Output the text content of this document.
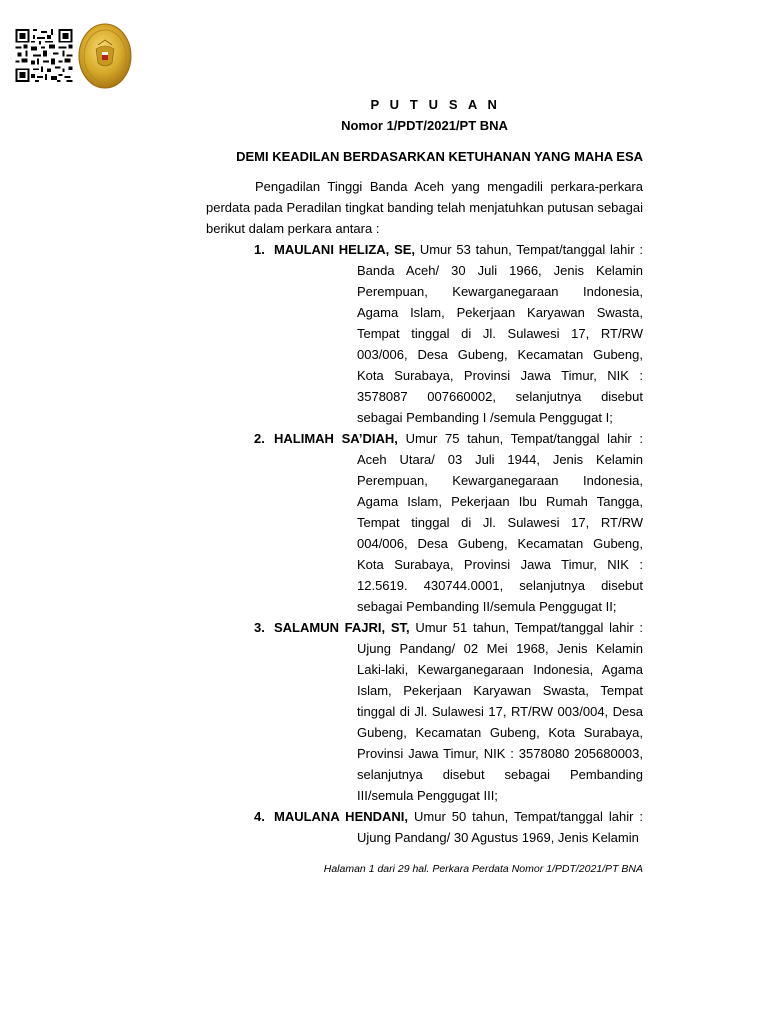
P U T U S A N
Nomor 1/PDT/2021/PT BNA
DEMI KEADILAN BERDASARKAN KETUHANAN YANG MAHA ESA
Pengadilan Tinggi Banda Aceh yang mengadili perkara-perkara perdata pada Peradilan tingkat banding telah menjatuhkan putusan sebagai berikut dalam perkara antara :
1. MAULANI HELIZA, SE, Umur 53 tahun, Tempat/tanggal lahir :
Banda Aceh/ 30 Juli 1966, Jenis Kelamin Perempuan, Kewarganegaraan Indonesia, Agama Islam, Pekerjaan Karyawan Swasta, Tempat tinggal di Jl. Sulawesi 17, RT/RW 003/006, Desa Gubeng, Kecamatan Gubeng, Kota Surabaya, Provinsi Jawa Timur, NIK : 3578087 007660002, selanjutnya disebut sebagai Pembanding I /semula Penggugat I;
2. HALIMAH SA’DIAH, Umur 75 tahun, Tempat/tanggal lahir :
Aceh Utara/ 03 Juli 1944, Jenis Kelamin Perempuan, Kewarganegaraan Indonesia, Agama Islam, Pekerjaan Ibu Rumah Tangga, Tempat tinggal di Jl. Sulawesi 17, RT/RW 004/006, Desa Gubeng, Kecamatan Gubeng, Kota Surabaya, Provinsi Jawa Timur, NIK : 12.5619. 430744.0001, selanjutnya disebut sebagai Pembanding II/semula Penggugat II;
3. SALAMUN FAJRI, ST, Umur 51 tahun, Tempat/tanggal lahir :
Ujung Pandang/ 02 Mei 1968, Jenis Kelamin Laki-laki, Kewarganegaraan Indonesia, Agama Islam, Pekerjaan Karyawan Swasta, Tempat tinggal di Jl. Sulawesi 17, RT/RW 003/004, Desa Gubeng, Kecamatan Gubeng, Kota Surabaya, Provinsi Jawa Timur, NIK : 3578080 205680003, selanjutnya disebut sebagai Pembanding III/semula Penggugat III;
4. MAULANA HENDANI, Umur 50 tahun, Tempat/tanggal lahir :
Ujung Pandang/ 30 Agustus 1969, Jenis Kelamin
Halaman 1 dari 29 hal. Perkara Perdata Nomor 1/PDT/2021/PT BNA
